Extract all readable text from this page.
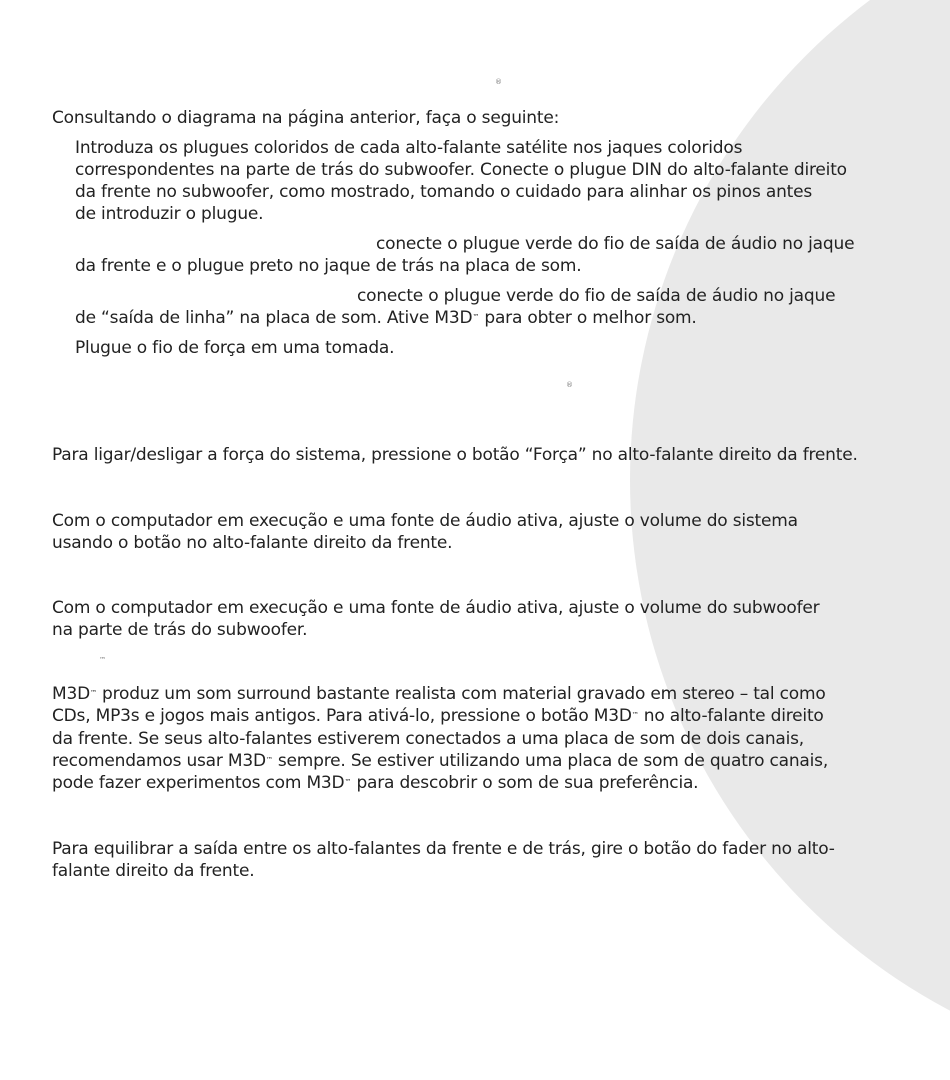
®

Consultando o diagrama na página anterior, faça o seguinte:

Introduza os plugues coloridos de cada alto-falante satélite nos jaques coloridos

correspondentes na parte de trás do subwoofer. Conecte o plugue DIN do alto-falante direito

da frente no subwoofer, como mostrado, tomando o cuidado para alinhar os pinos antes

de introduzir o plugue.

conecte o plugue verde do fio de saída de áudio no jaque

da frente e o plugue preto no jaque de trás na placa de som.

conecte o plugue verde do fio de saída de áudio no jaque

de “saída de linha” na placa de som. Ative M3D™ para obter o melhor som.

Plugue o fio de força em uma tomada.

®

Para ligar/desligar a força do sistema, pressione o botão “Força” no alto-falante direito da frente.

Com o computador em execução e uma fonte de áudio ativa, ajuste o volume do sistema

usando o botão no alto-falante direito da frente.

Com o computador em execução e uma fonte de áudio ativa, ajuste o volume do subwoofer

na parte de trás do subwoofer.

™

M3D™ produz um som surround bastante realista com material gravado em stereo – tal como

CDs, MP3s e jogos mais antigos. Para ativá-lo, pressione o botão M3D™ no alto-falante direito

da frente. Se seus alto-falantes estiverem conectados a uma placa de som de dois canais,

recomendamos usar M3D™ sempre. Se estiver utilizando uma placa de som de quatro canais,

pode fazer experimentos com M3D™ para descobrir o som de sua preferência.

Para equilibrar a saída entre os alto-falantes da frente e de trás, gire o botão do fader no alto-

falante direito da frente.
